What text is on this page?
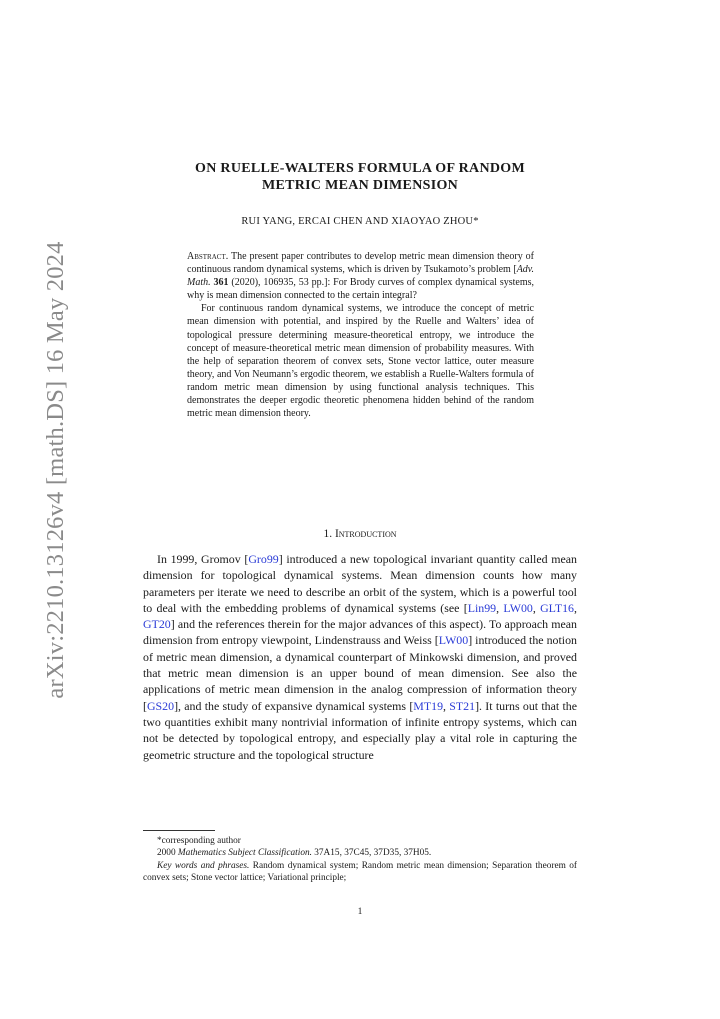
arXiv:2210.13126v4 [math.DS] 16 May 2024
ON RUELLE-WALTERS FORMULA OF RANDOM
METRIC MEAN DIMENSION
RUI YANG, ERCAI CHEN AND XIAOYAO ZHOU*

Abstract. The present paper contributes to develop metric mean dimension theory of continuous random dynamical systems, which is driven by Tsukamoto’s problem [Adv. Math. 361 (2020), 106935, 53 pp.]: For Brody curves of complex dynamical systems, why is mean dimension connected to the certain integral?

For continuous random dynamical systems, we introduce the concept of metric mean dimension with potential, and inspired by the Ruelle and Walters’ idea of topological pressure determining measure-theoretical entropy, we introduce the concept of measure-theoretical metric mean dimension of probability measures. With the help of separation theorem of convex sets, Stone vector lattice, outer measure theory, and Von Neumann’s ergodic theorem, we establish a Ruelle-Walters formula of random metric mean dimension by using functional analysis techniques. This demonstrates the deeper ergodic theoretic phenomena hidden behind of the random metric mean dimension theory.

1. Introduction

In 1999, Gromov [Gro99] introduced a new topological invariant quantity called mean dimension for topological dynamical systems. Mean dimension counts how many parameters per iterate we need to describe an orbit of the system, which is a powerful tool to deal with the embedding problems of dynamical systems (see [Lin99, LW00, GLT16, GT20] and the references therein for the major advances of this aspect). To approach mean dimension from entropy viewpoint, Lindenstrauss and Weiss [LW00] introduced the notion of metric mean dimension, a dynamical counterpart of Minkowski dimension, and proved that metric mean dimension is an upper bound of mean dimension. See also the applications of metric mean dimension in the analog compression of information theory [GS20], and the study of expansive dynamical systems [MT19, ST21]. It turns out that the two quantities exhibit many nontrivial information of infinite entropy systems, which can not be detected by topological entropy, and especially play a vital role in capturing the geometric structure and the topological structure

*corresponding author

2000 Mathematics Subject Classification. 37A15, 37C45, 37D35, 37H05.

Key words and phrases. Random dynamical system; Random metric mean dimension; Separation theorem of convex sets; Stone vector lattice; Variational principle;

1
